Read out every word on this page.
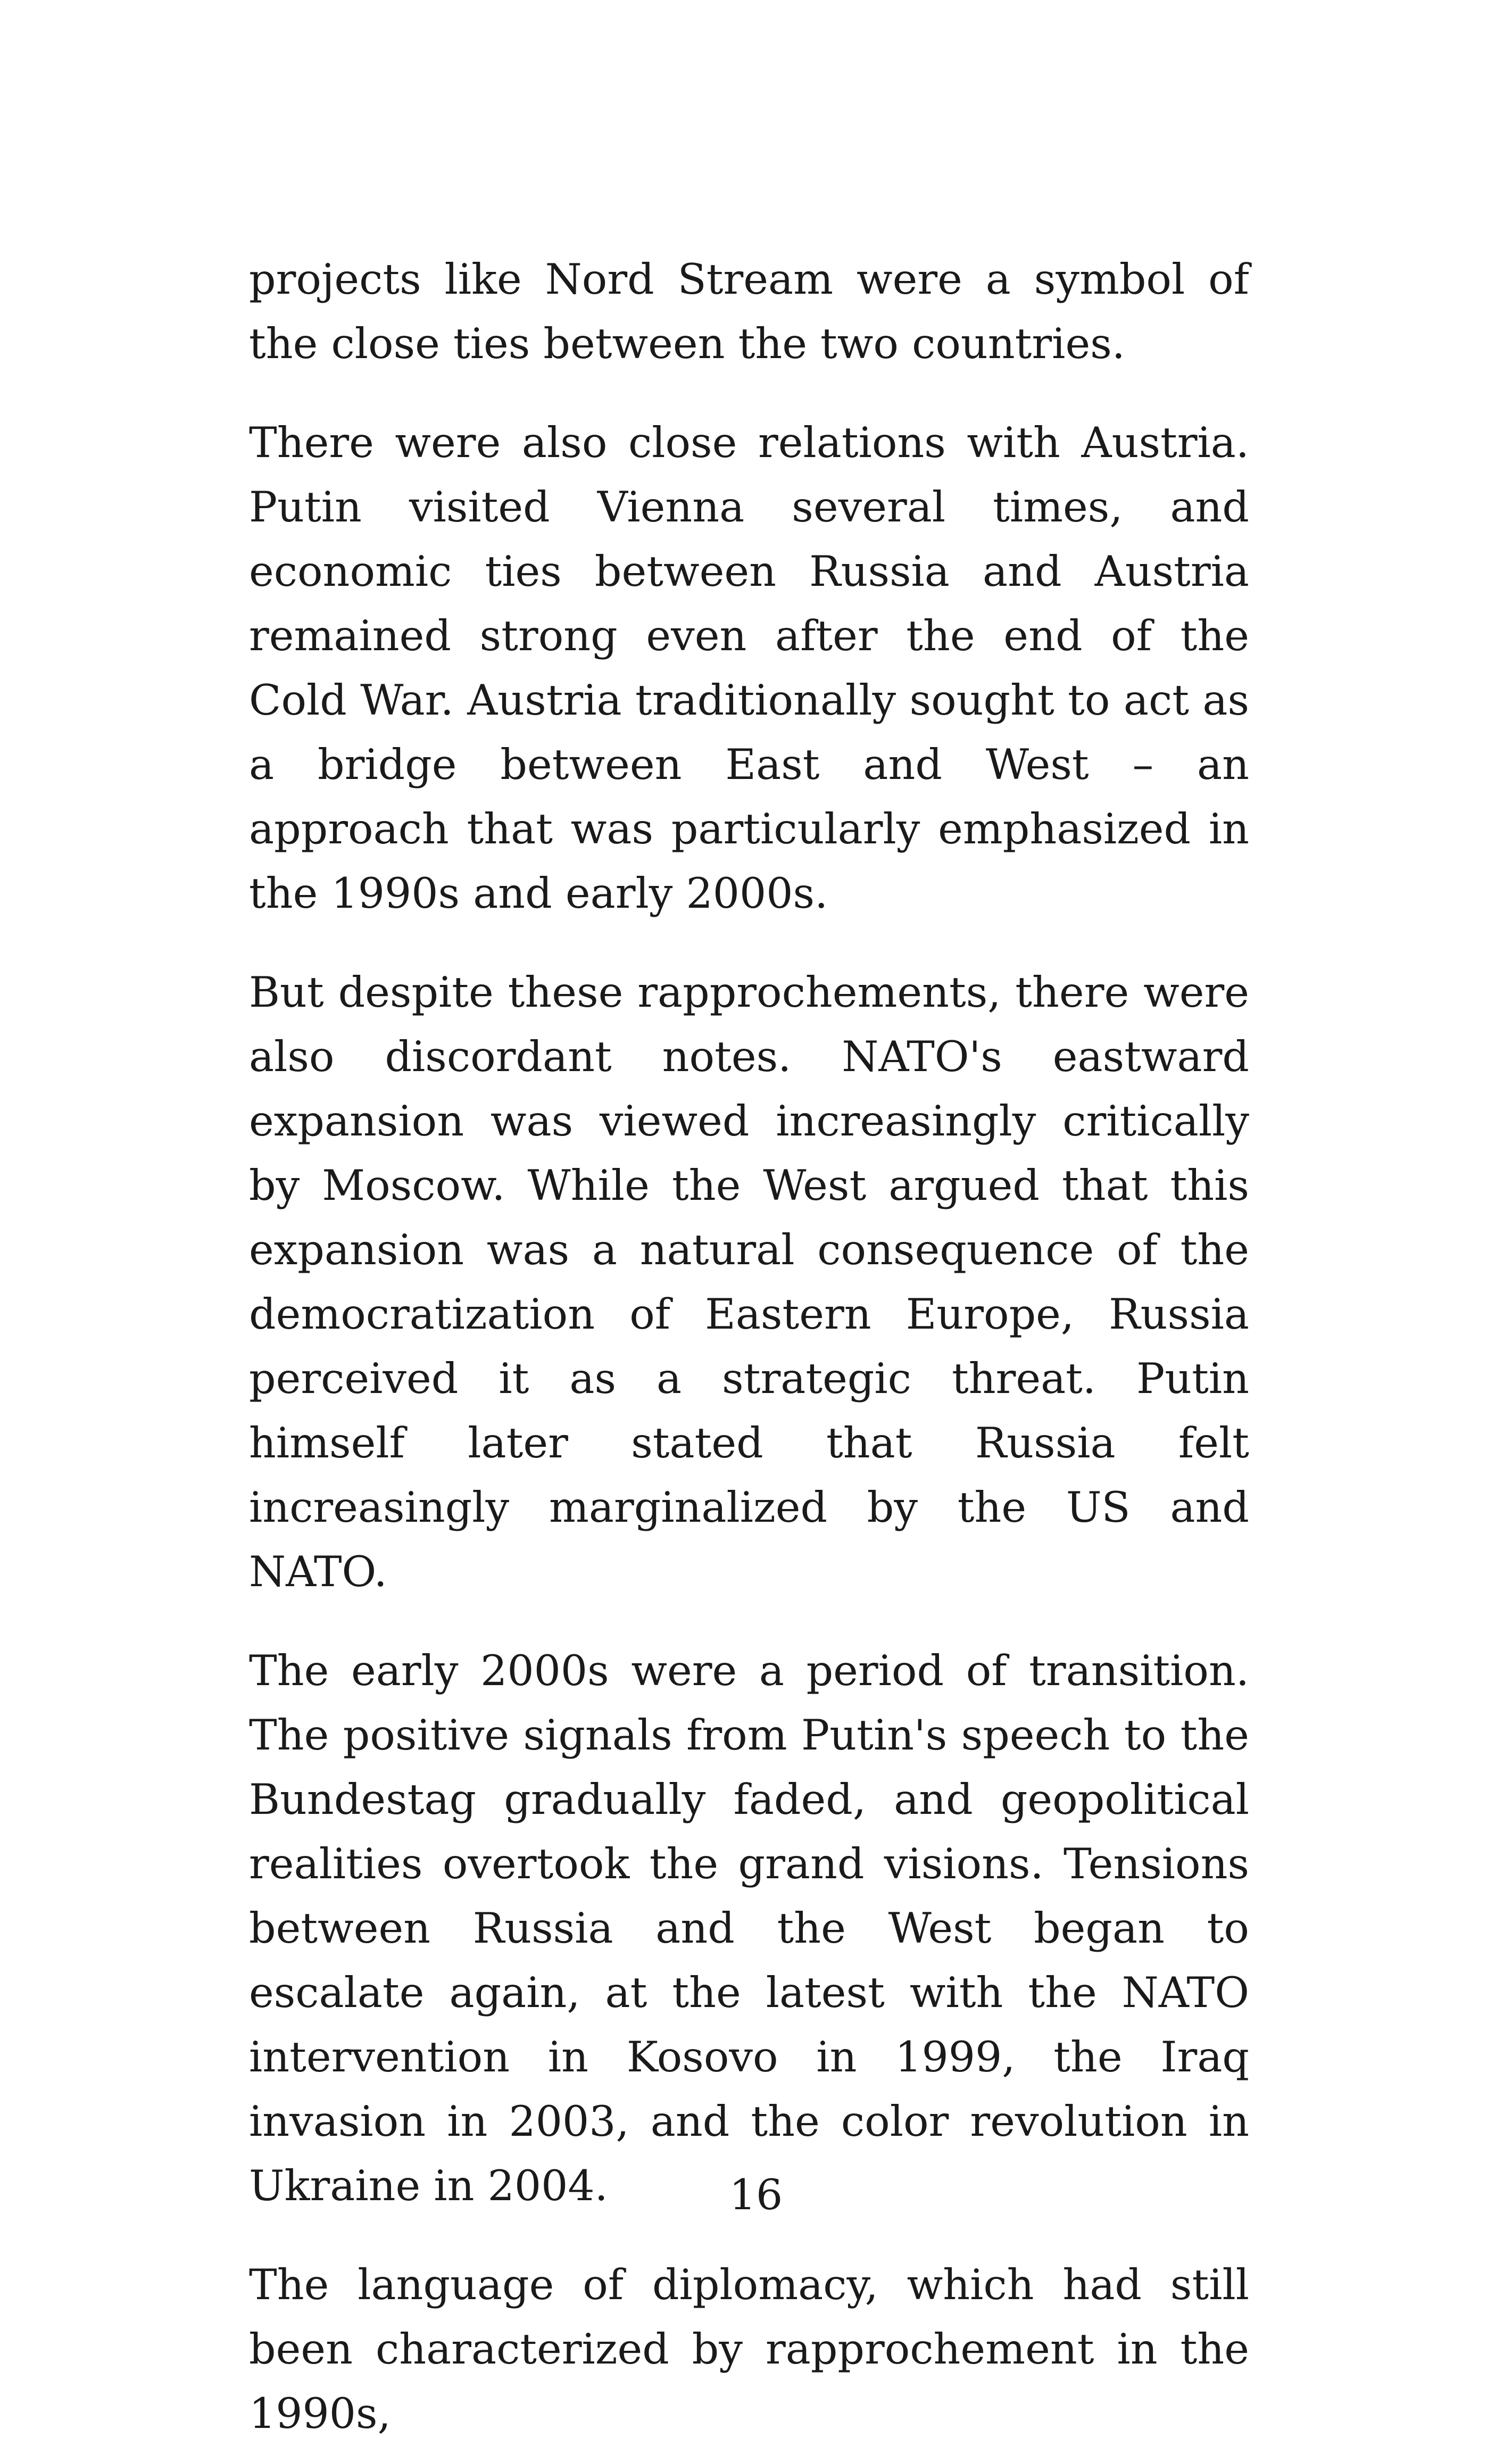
projects like Nord Stream were a symbol of the close ties between the two countries.

There were also close relations with Austria. Putin visited Vienna several times, and economic ties between Russia and Austria remained strong even after the end of the Cold War. Austria traditionally sought to act as a bridge between East and West – an approach that was particularly emphasized in the 1990s and early 2000s.

But despite these rapprochements, there were also discordant notes. NATO's eastward expansion was viewed increasingly critically by Moscow. While the West argued that this expansion was a natural consequence of the democratization of Eastern Europe, Russia perceived it as a strategic threat. Putin himself later stated that Russia felt increasingly marginalized by the US and NATO.

The early 2000s were a period of transition. The positive signals from Putin's speech to the Bundestag gradually faded, and geopolitical realities overtook the grand visions. Tensions between Russia and the West began to escalate again, at the latest with the NATO intervention in Kosovo in 1999, the Iraq invasion in 2003, and the color revolution in Ukraine in 2004.

The language of diplomacy, which had still been characterized by rapprochement in the 1990s,

16
